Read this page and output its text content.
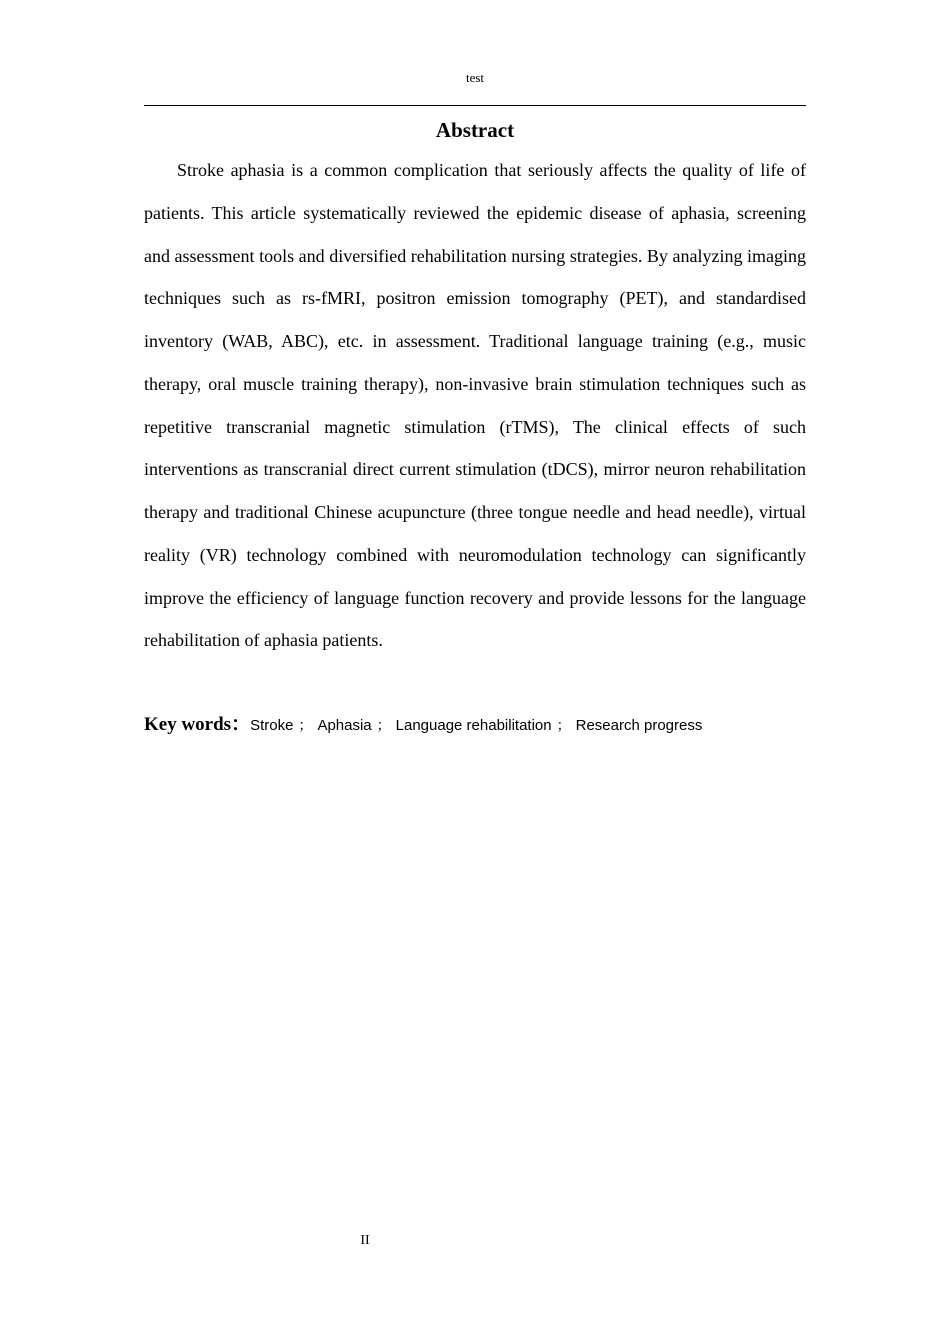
test
Abstract

Stroke aphasia is a common complication that seriously affects the quality of life of patients. This article systematically reviewed the epidemic disease of aphasia, screening and assessment tools and diversified rehabilitation nursing strategies. By analyzing imaging techniques such as rs-fMRI, positron emission tomography (PET), and standardised inventory (WAB, ABC), etc. in assessment. Traditional language training (e.g., music therapy, oral muscle training therapy), non-invasive brain stimulation techniques such as repetitive transcranial magnetic stimulation (rTMS), The clinical effects of such interventions as transcranial direct current stimulation (tDCS), mirror neuron rehabilitation therapy and traditional Chinese acupuncture (three tongue needle and head needle), virtual reality (VR) technology combined with neuromodulation technology can significantly improve the efficiency of language function recovery and provide lessons for the language rehabilitation of aphasia patients.

Key words：Stroke ； Aphasia ； Language rehabilitation ； Research progress
II
